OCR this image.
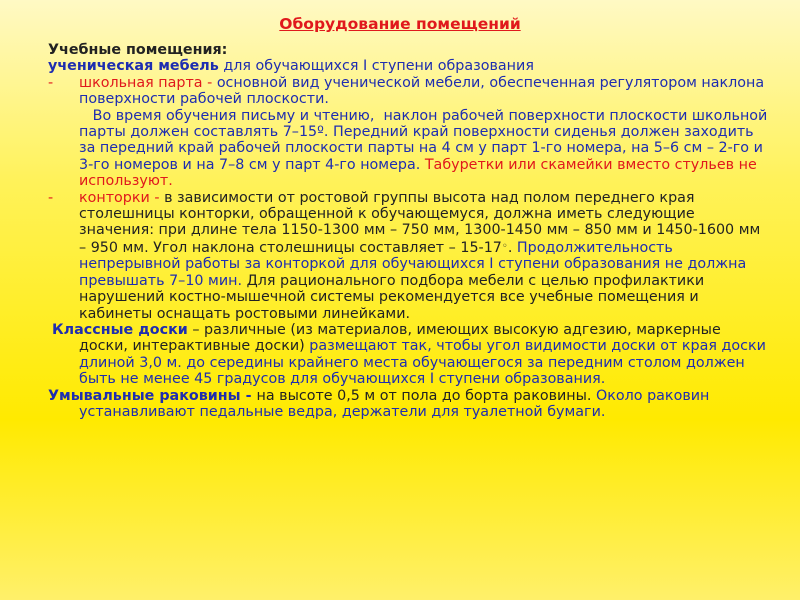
Оборудование помещений

Учебные помещения:

ученическая мебель для обучающихся I ступени образования

-	школьная парта - основной вид ученической мебели, обеспеченная регулятором наклона поверхности рабочей плоскости.

Во время обучения письму и чтению,  наклон рабочей поверхности плоскости школьной парты должен составлять 7–15º. Передний край поверхности сиденья должен заходить за передний край рабочей плоскости парты на 4 см у парт 1-го номера, на 5–6 см – 2-го и 3-го номеров и на 7–8 см у парт 4-го номера. Табуретки или скамейки вместо стульев не используют.

-	конторки - в зависимости от ростовой группы высота над полом переднего края столешницы конторки, обращенной к обучающемуся, должна иметь следующие значения: при длине тела 1150-1300 мм – 750 мм, 1300-1450 мм – 850 мм и 1450-1600 мм – 950 мм. Угол наклона столешницы составляет – 15-17◦. Продолжительность непрерывной работы за конторкой для обучающихся I ступени образования не должна превышать 7–10 мин. Для рационального подбора мебели с целью профилактики нарушений костно-мышечной системы рекомендуется все учебные помещения и кабинеты оснащать ростовыми линейками.

Классные доски – различные (из материалов, имеющих высокую адгезию, маркерные доски, интерактивные доски) размещают так, чтобы угол видимости доски от края доски длиной 3,0 м. до середины крайнего места обучающегося за передним столом должен быть не менее 45 градусов для обучающихся I ступени образования.

Умывальные раковины - на высоте 0,5 м от пола до борта раковины. Около раковин устанавливают педальные ведра, держатели для туалетной бумаги.
